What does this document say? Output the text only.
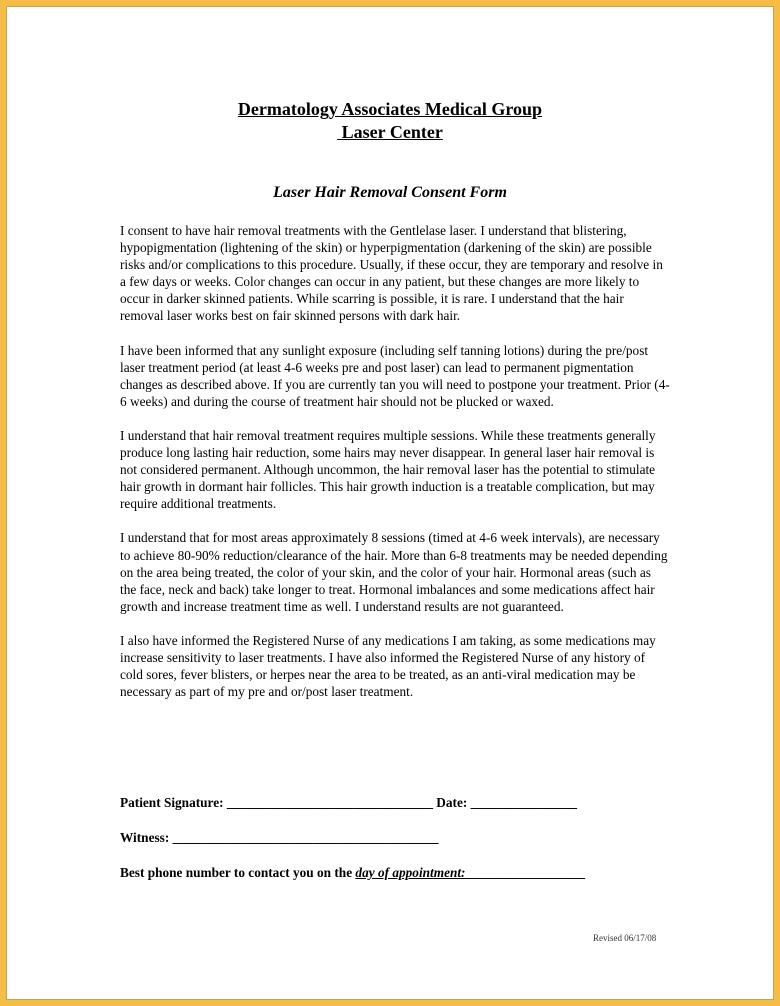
Dermatology Associates Medical Group
Laser Center
Laser Hair Removal Consent Form

I consent to have hair removal treatments with the Gentlelase laser. I understand that blistering, hypopigmentation (lightening of the skin) or hyperpigmentation (darkening of the skin) are possible risks and/or complications to this procedure. Usually, if these occur, they are temporary and resolve in a few days or weeks. Color changes can occur in any patient, but these changes are more likely to occur in darker skinned patients. While scarring is possible, it is rare. I understand that the hair removal laser works best on fair skinned persons with dark hair.

I have been informed that any sunlight exposure (including self tanning lotions) during the pre/post laser treatment period (at least 4-6 weeks pre and post laser) can lead to permanent pigmentation changes as described above. If you are currently tan you will need to postpone your treatment. Prior (4-6 weeks) and during the course of treatment hair should not be plucked or waxed.

I understand that hair removal treatment requires multiple sessions. While these treatments generally produce long lasting hair reduction, some hairs may never disappear. In general laser hair removal is not considered permanent. Although uncommon, the hair removal laser has the potential to stimulate hair growth in dormant hair follicles. This hair growth induction is a treatable complication, but may require additional treatments.

I understand that for most areas approximately 8 sessions (timed at 4-6 week intervals), are necessary to achieve 80-90% reduction/clearance of the hair. More than 6-8 treatments may be needed depending on the area being treated, the color of your skin, and the color of your hair. Hormonal areas (such as the face, neck and back) take longer to treat. Hormonal imbalances and some medications affect hair growth and increase treatment time as well. I understand results are not guaranteed.

I also have informed the Registered Nurse of any medications I am taking, as some medications may increase sensitivity to laser treatments. I have also informed the Registered Nurse of any history of cold sores, fever blisters, or herpes near the area to be treated, as an anti-viral medication may be necessary as part of my pre and or/post laser treatment.

Patient Signature: _______________________________ Date: ________________
Witness: ________________________________________
Best phone number to contact you on the day of appointment:__________________
Revised 06/17/08
